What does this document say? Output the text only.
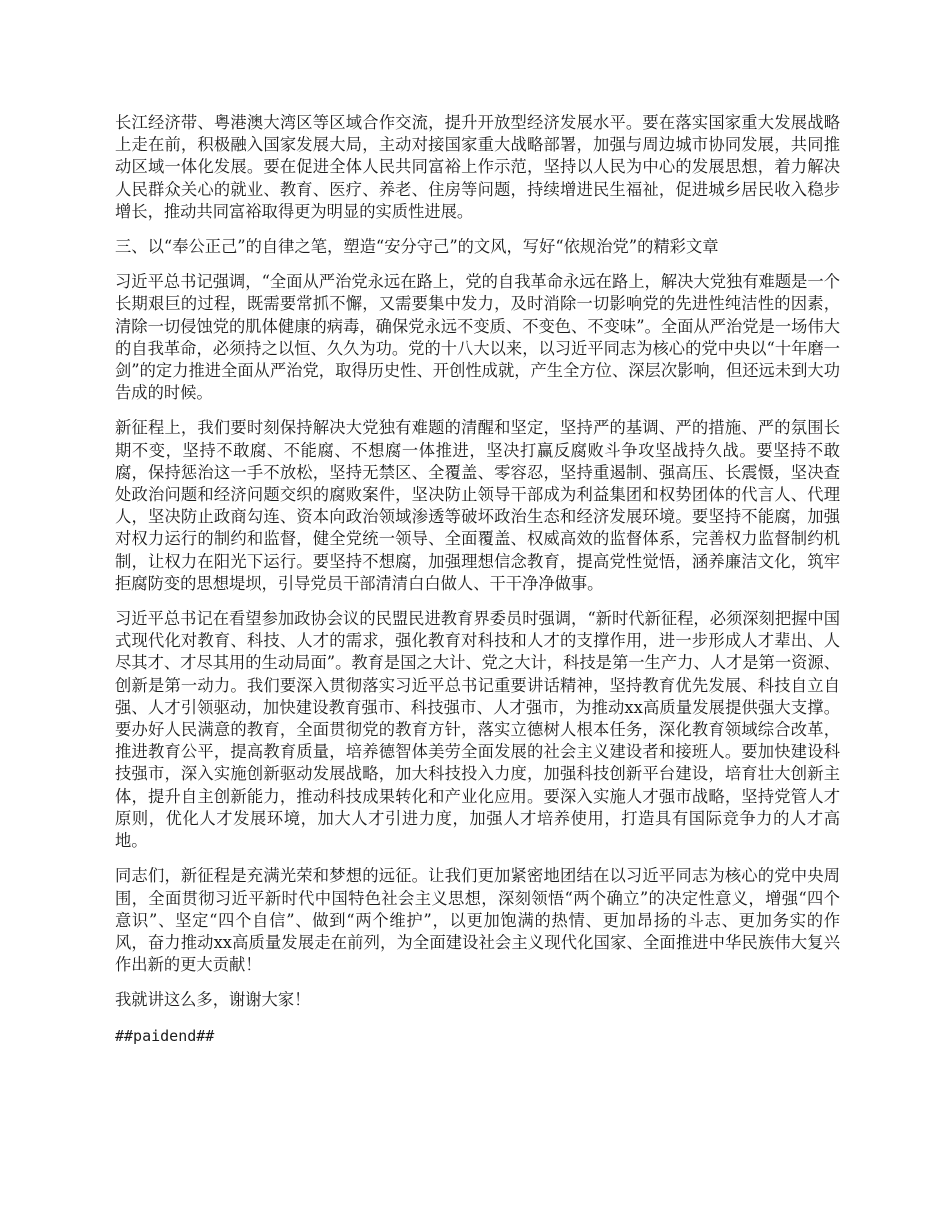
长江经济带、粤港澳大湾区等区域合作交流，提升开放型经济发展水平。要在落实国家重大发展战略上走在前，积极融入国家发展大局，主动对接国家重大战略部署，加强与周边城市协同发展，共同推动区域一体化发展。要在促进全体人民共同富裕上作示范，坚持以人民为中心的发展思想，着力解决人民群众关心的就业、教育、医疗、养老、住房等问题，持续增进民生福祉，促进城乡居民收入稳步增长，推动共同富裕取得更为明显的实质性进展。

三、以“奉公正己”的自律之笔，塑造“安分守己”的文风，写好“依规治党”的精彩文章

习近平总书记强调，“全面从严治党永远在路上，党的自我革命永远在路上，解决大党独有难题是一个长期艰巨的过程，既需要常抓不懈，又需要集中发力，及时消除一切影响党的先进性纯洁性的因素，清除一切侵蚀党的肌体健康的病毒，确保党永远不变质、不变色、不变味”。全面从严治党是一场伟大的自我革命，必须持之以恒、久久为功。党的十八大以来，以习近平同志为核心的党中央以“十年磨一剑”的定力推进全面从严治党，取得历史性、开创性成就，产生全方位、深层次影响，但还远未到大功告成的时候。

新征程上，我们要时刻保持解决大党独有难题的清醒和坚定，坚持严的基调、严的措施、严的氛围长期不变，坚持不敢腐、不能腐、不想腐一体推进，坚决打赢反腐败斗争攻坚战持久战。要坚持不敢腐，保持惩治这一手不放松，坚持无禁区、全覆盖、零容忍，坚持重遏制、强高压、长震慑，坚决查处政治问题和经济问题交织的腐败案件，坚决防止领导干部成为利益集团和权势团体的代言人、代理人，坚决防止政商勾连、资本向政治领域渗透等破坏政治生态和经济发展环境。要坚持不能腐，加强对权力运行的制约和监督，健全党统一领导、全面覆盖、权威高效的监督体系，完善权力监督制约机制，让权力在阳光下运行。要坚持不想腐，加强理想信念教育，提高党性觉悟，涵养廉洁文化，筑牢拒腐防变的思想堤坝，引导党员干部清清白白做人、干干净净做事。

习近平总书记在看望参加政协会议的民盟民进教育界委员时强调，“新时代新征程，必须深刻把握中国式现代化对教育、科技、人才的需求，强化教育对科技和人才的支撑作用，进一步形成人才辈出、人尽其才、才尽其用的生动局面”。教育是国之大计、党之大计，科技是第一生产力、人才是第一资源、创新是第一动力。我们要深入贯彻落实习近平总书记重要讲话精神，坚持教育优先发展、科技自立自强、人才引领驱动，加快建设教育强市、科技强市、人才强市，为推动xx高质量发展提供强大支撑。要办好人民满意的教育，全面贯彻党的教育方针，落实立德树人根本任务，深化教育领域综合改革，推进教育公平，提高教育质量，培养德智体美劳全面发展的社会主义建设者和接班人。要加快建设科技强市，深入实施创新驱动发展战略，加大科技投入力度，加强科技创新平台建设，培育壮大创新主体，提升自主创新能力，推动科技成果转化和产业化应用。要深入实施人才强市战略，坚持党管人才原则，优化人才发展环境，加大人才引进力度，加强人才培养使用，打造具有国际竞争力的人才高地。

同志们，新征程是充满光荣和梦想的远征。让我们更加紧密地团结在以习近平同志为核心的党中央周围，全面贯彻习近平新时代中国特色社会主义思想，深刻领悟“两个确立”的决定性意义，增强“四个意识”、坚定“四个自信”、做到“两个维护”，以更加饱满的热情、更加昂扬的斗志、更加务实的作风，奋力推动xx高质量发展走在前列，为全面建设社会主义现代化国家、全面推进中华民族伟大复兴作出新的更大贡献！

我就讲这么多，谢谢大家！

##paidend##
